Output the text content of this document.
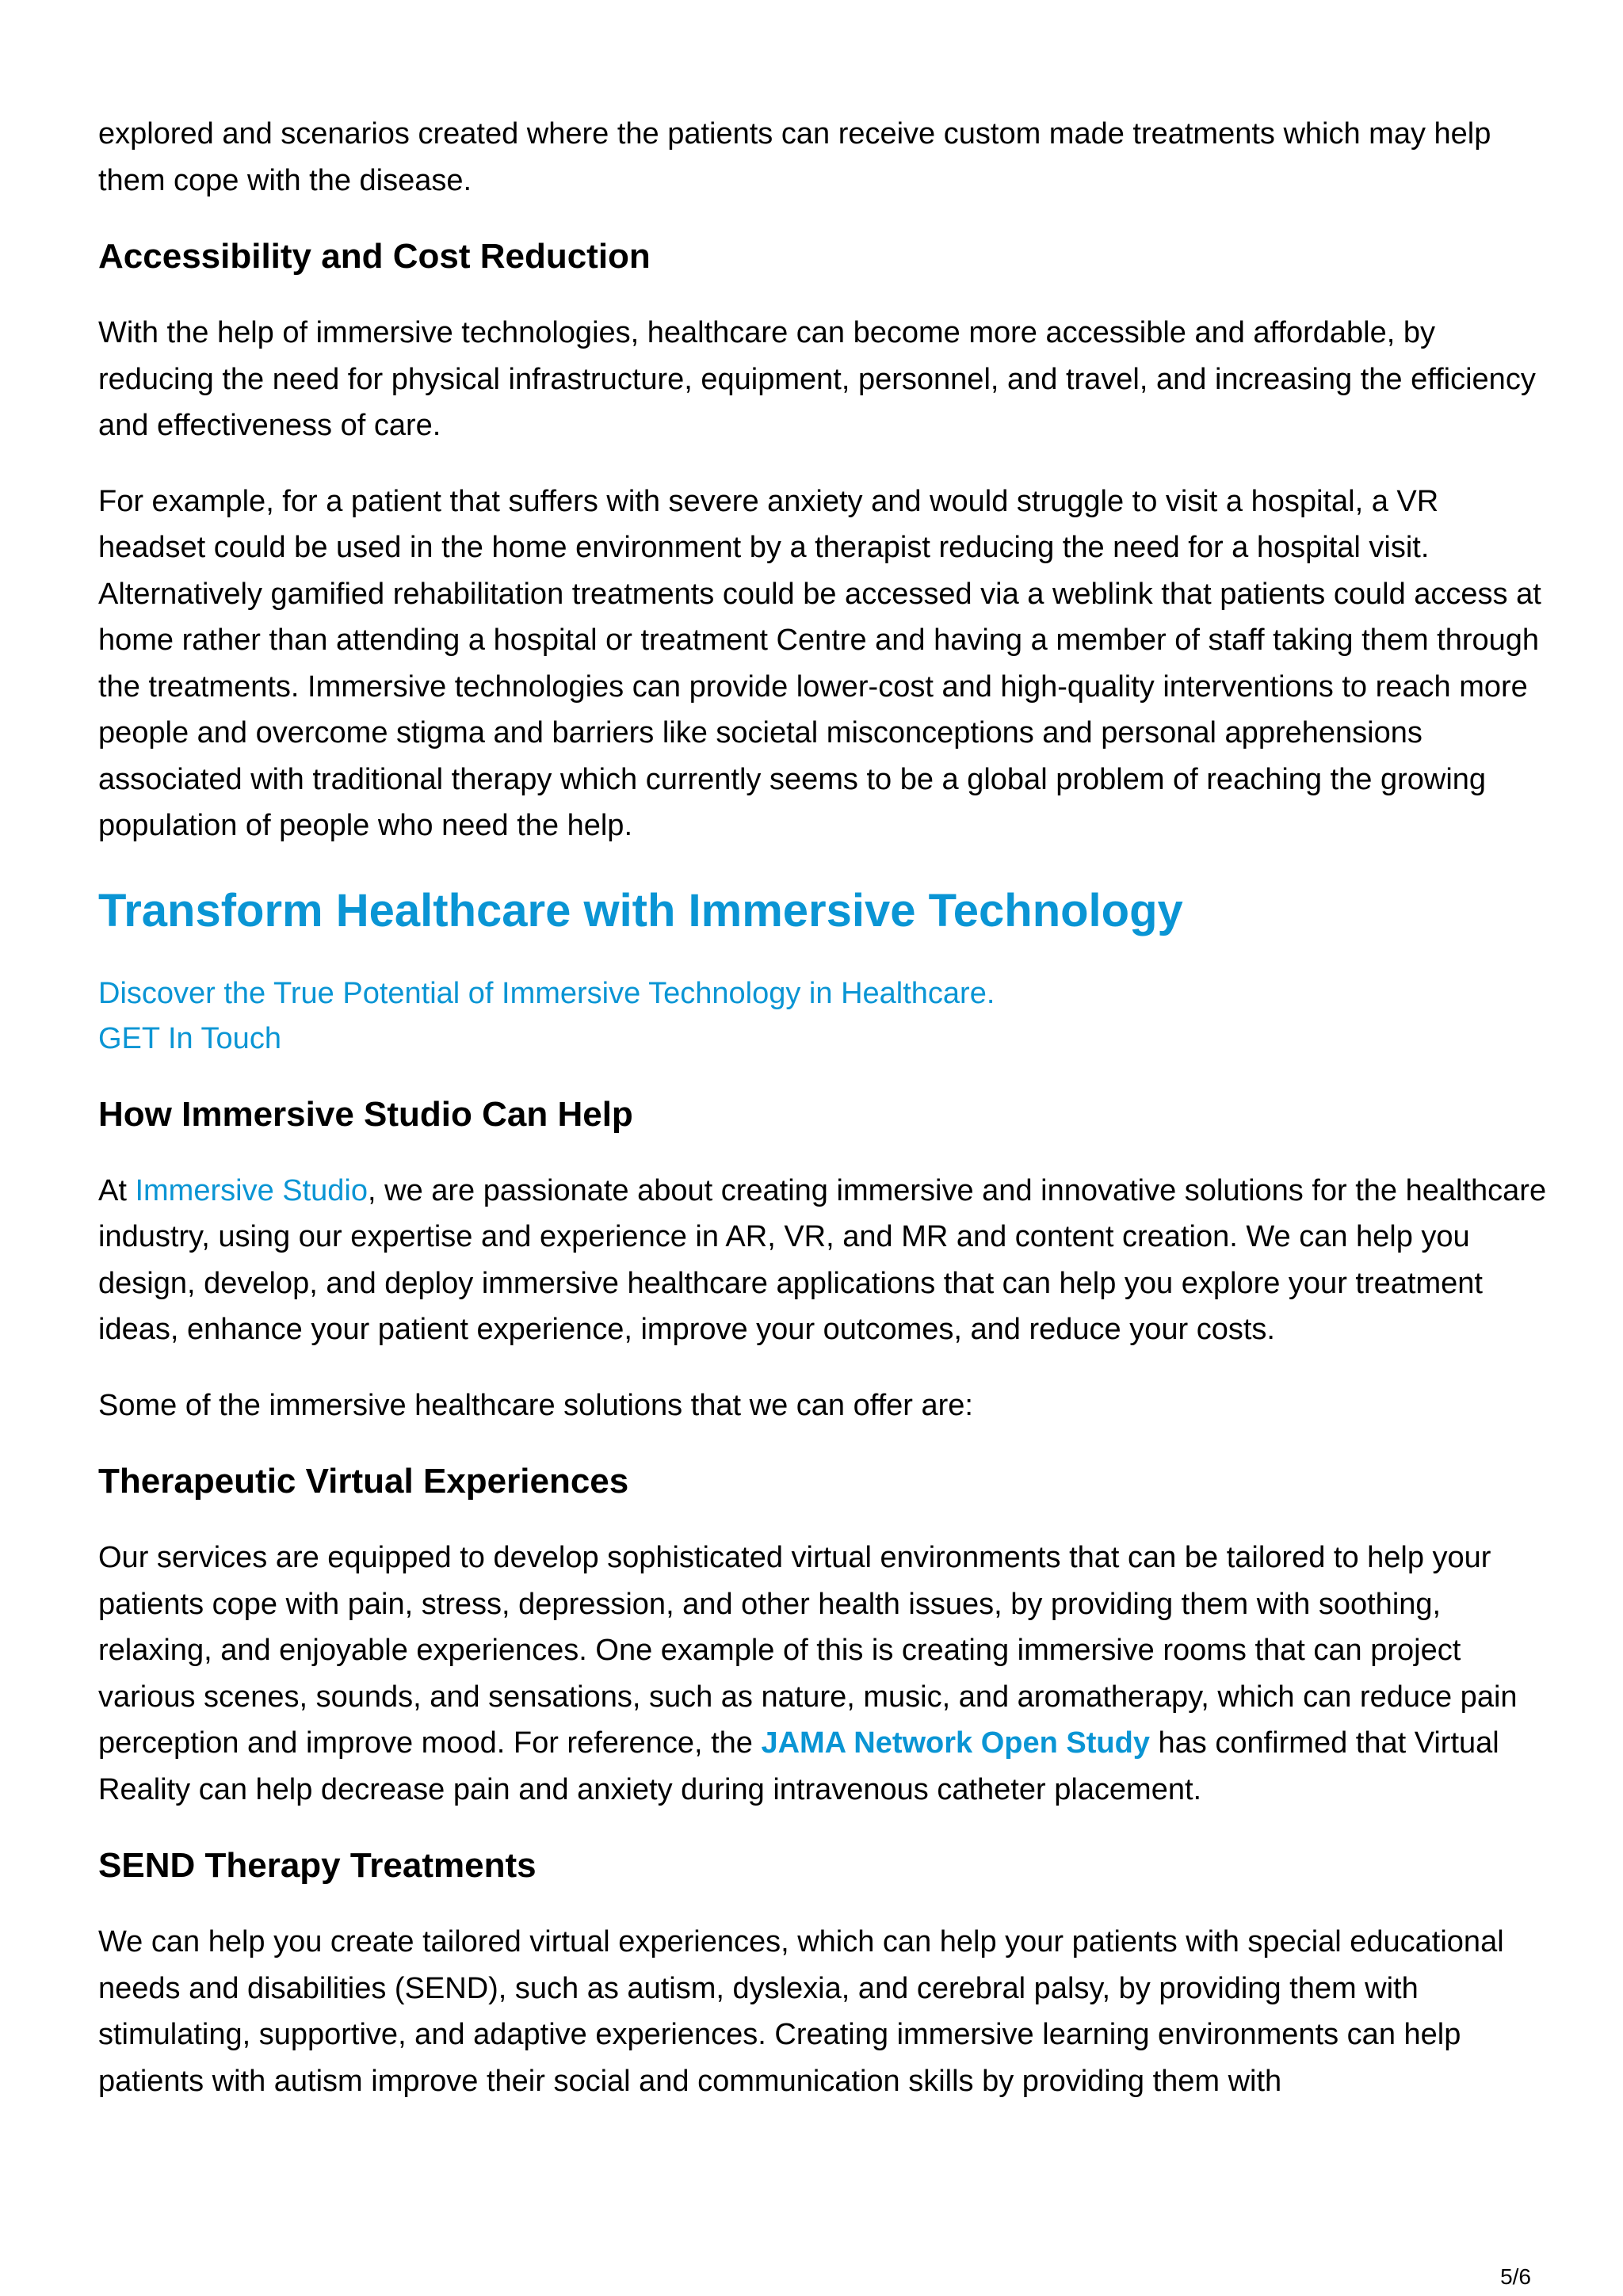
explored and scenarios created where the patients can receive custom made treatments which may help them cope with the disease.

Accessibility and Cost Reduction

With the help of immersive technologies, healthcare can become more accessible and affordable, by reducing the need for physical infrastructure, equipment, personnel, and travel, and increasing the efficiency and effectiveness of care.

For example, for a patient that suffers with severe anxiety and would struggle to visit a hospital, a VR headset could be used in the home environment by a therapist reducing the need for a hospital visit. Alternatively gamified rehabilitation treatments could be accessed via a weblink that patients could access at home rather than attending a hospital or treatment Centre and having a member of staff taking them through the treatments. Immersive technologies can provide lower-cost and high-quality interventions to reach more people and overcome stigma and barriers like societal misconceptions and personal apprehensions associated with traditional therapy which currently seems to be a global problem of reaching the growing population of people who need the help.

Transform Healthcare with Immersive Technology
Discover the True Potential of Immersive Technology in Healthcare.
GET In Touch
How Immersive Studio Can Help

At Immersive Studio, we are passionate about creating immersive and innovative solutions for the healthcare industry, using our expertise and experience in AR, VR, and MR and content creation. We can help you design, develop, and deploy immersive healthcare applications that can help you explore your treatment ideas, enhance your patient experience, improve your outcomes, and reduce your costs.

Some of the immersive healthcare solutions that we can offer are:

Therapeutic Virtual Experiences

Our services are equipped to develop sophisticated virtual environments that can be tailored to help your patients cope with pain, stress, depression, and other health issues, by providing them with soothing, relaxing, and enjoyable experiences. One example of this is creating immersive rooms that can project various scenes, sounds, and sensations, such as nature, music, and aromatherapy, which can reduce pain perception and improve mood. For reference, the JAMA Network Open Study has confirmed that Virtual Reality can help decrease pain and anxiety during intravenous catheter placement.

SEND Therapy Treatments

We can help you create tailored virtual experiences, which can help your patients with special educational needs and disabilities (SEND), such as autism, dyslexia, and cerebral palsy, by providing them with stimulating, supportive, and adaptive experiences. Creating immersive learning environments can help patients with autism improve their social and communication skills by providing them with

5/6
